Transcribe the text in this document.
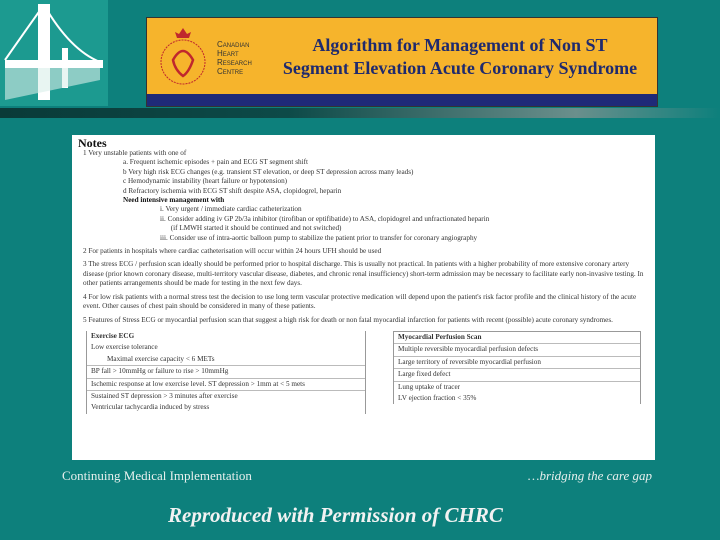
Canadian
Heart
Research
Centre
Algorithm for Management of Non ST
Segment Elevation Acute Coronary Syndrome
Notes
1 Very unstable patients with one of
a. Frequent ischemic episodes + pain and ECG ST segment shift
b Very high risk ECG changes (e.g. transient ST elevation, or deep ST depression across many leads)
c Hemodynamic instability (heart failure or hypotension)
d Refractory ischemia with ECG ST shift despite ASA, clopidogrel, heparin
Need intensive management with
i. Very urgent / immediate cardiac catheterization
ii. Consider adding iv GP 2b/3a inhibitor (tirofiban or eptifibatide) to ASA, clopidogrel and unfractionated heparin
(if LMWH started it should be continued and not switched)
iii. Consider use of intra-aortic balloon pump to stabilize the patient prior to transfer for coronary angiography
2 For patients in hospitals where cardiac catheterisation will occur within 24 hours UFH should be used
3 The stress ECG / perfusion scan ideally should be performed prior to hospital discharge. This is usually not practical. In patients with a higher probability of more extensive coronary artery disease (prior known coronary disease, multi-territory vascular disease, diabetes, and chronic renal insufficiency) short-term admission may be necessary to facilitate early non-invasive testing. In other patients arrangements should be made for testing in the next few days.
4 For low risk patients with a normal stress test the decision to use long term vascular protective medication will depend upon the patient's risk factor profile and the clinical history of the acute event. Other causes of chest pain should be considered in many of these patients.
5 Features of Stress ECG or myocardial perfusion scan that suggest a high risk for death or non fatal myocardial infarction for patients with recent (possible) acute coronary syndromes.
Exercise ECG
Low exercise tolerance
Maximal exercise capacity < 6 METs
BP fall > 10mmHg or failure to rise > 10mmHg
Ischemic response at low exercise level. ST depression > 1mm at < 5 mets
Sustained ST depression > 3 minutes after exercise
Ventricular tachycardia induced by stress
Myocardial Perfusion Scan
Multiple reversible myocardial perfusion defects
Large territory of reversible myocardial perfusion
Large fixed defect
Lung uptake of tracer
LV ejection fraction < 35%
Continuing Medical Implementation	…bridging the care gap
Reproduced with Permission of CHRC
